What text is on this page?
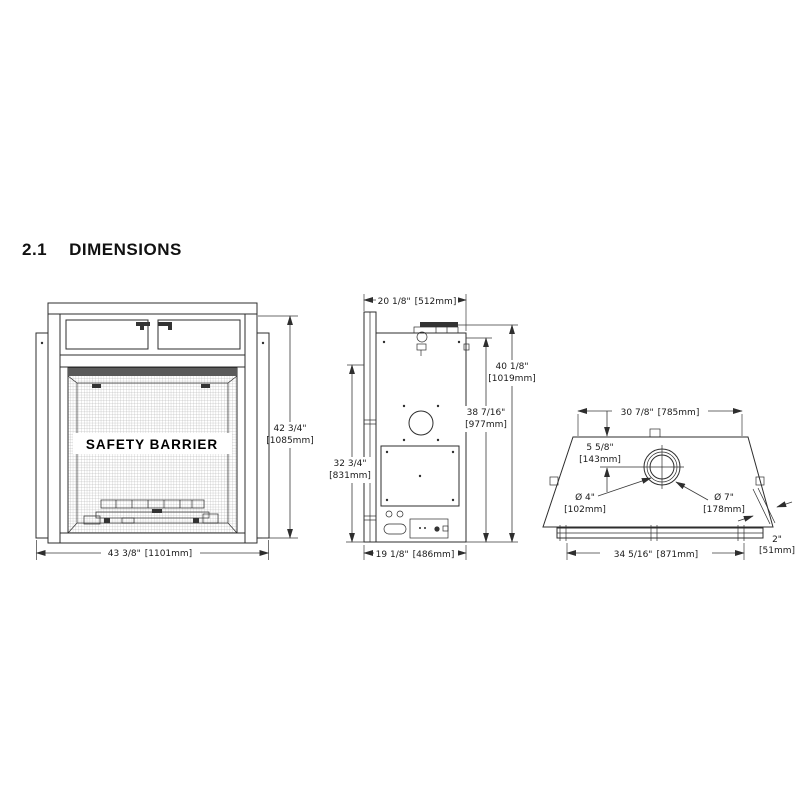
2.1 DIMENSIONS
SAFETY BARRIER
43 3/8" [1101mm]
42 3/4"
[1085mm]
20 1/8" [512mm]
19 1/8" [486mm]
32 3/4"
[831mm]
38 7/16"
[977mm]
40 1/8"
[1019mm]
30 7/8" [785mm]
5 5/8"
[143mm]
Ø 4"
[102mm]
Ø 7"
[178mm]
34 5/16" [871mm]
2"
[51mm]
